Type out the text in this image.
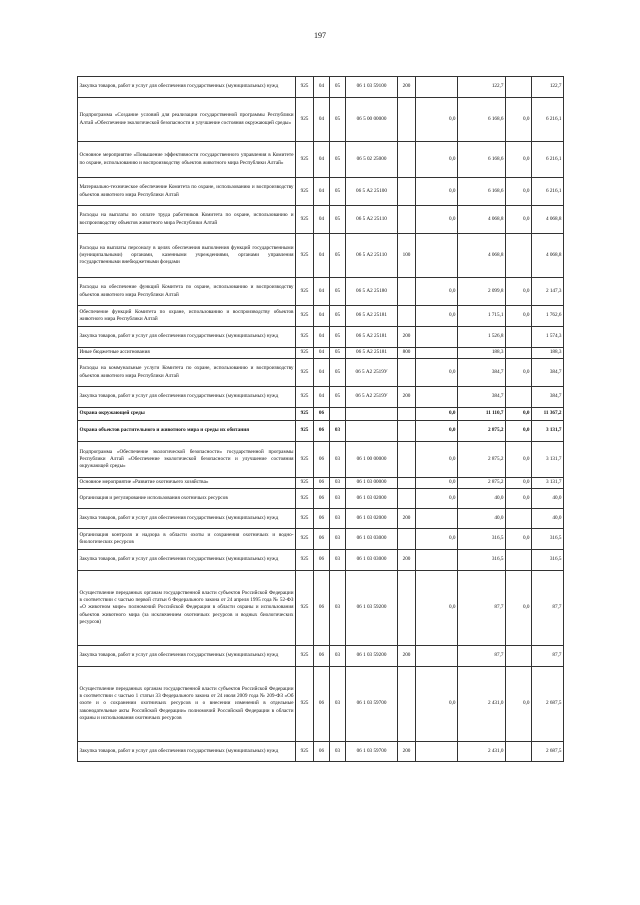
197
Закупка товаров, работ и услуг для обеспечения государственных (муниципальных) нужд	925	04	05	06 1 03 59100	200		122,7		122,7
Подпрограмма «Создание условий для реализации государственной программы Республики Алтай «Обеспечение экологической безопасности и улучшение состояния окружающей среды»	925	04	05	06 5 00 00000		0,0	6 168,6	0,0	6 216,1
Основное мероприятие «Повышение эффективности государственного управления в Комитете по охране, использованию и воспроизводству объектов животного мира Республики Алтай»	925	04	05	06 5 02 25000		0,0	6 168,6	0,0	6 216,1
Материально-техническое обеспечение Комитета по охране, использованию и воспроизводству объектов животного мира Республики Алтай	925	04	05	06 5 А2 25100		0,0	6 168,6	0,0	6 216,1
Расходы на выплаты по оплате труда работников Комитета по охране, использованию и воспроизводству объектов животного мира Республики Алтай	925	04	05	06 5 А2 25110		0,0	4 068,8	0,0	4 068,8
Расходы на выплаты персоналу в целях обеспечения выполнения функций государственными (муниципальными) органами, казенными учреждениями, органами управления государственными внебюджетными фондами	925	04	05	06 5 А2 25110	100		4 068,8		4 068,8
Расходы на обеспечение функций Комитета по охране, использованию и воспроизводству объектов животного мира Республики Алтай	925	04	05	06 5 А2 25180		0,0	2 099,8	0,0	2 147,3
Обеспечение функций Комитета по охране, использованию и воспроизводству объектов животного мира Республики Алтай	925	04	05	06 5 А2 25181		0,0	1 715,1	0,0	1 762,6
Закупка товаров, работ и услуг для обеспечения государственных (муниципальных) нужд	925	04	05	06 5 А2 25181	200		1 526,8		1 574,3
Иные бюджетные ассигнования	925	04	05	06 5 А2 25181	800		188,3		188,3
Расходы на коммунальные услуги Комитета по охране, использованию и воспроизводству объектов животного мира Республики Алтай	925	04	05	06 5 А2 2519У		0,0	384,7	0,0	384,7
Закупка товаров, работ и услуг для обеспечения государственных (муниципальных) нужд	925	04	05	06 5 А2 2519У	200		384,7		384,7
Охрана окружающей среды	925	06				0,0	11 110,7	0,0	11 367,2
Охрана объектов растительного и животного мира и среды их обитания	925	06	03			0,0	2 875,2	0,0	3 131,7
Подпрограмма «Обеспечение экологической безопасности» государственной программы Республики Алтай «Обеспечение экологической безопасности и улучшение состояния окружающей среды»	925	06	03	06 1 00 00000		0,0	2 875,2	0,0	3 131,7
Основное мероприятие «Развитие охотничьего хозяйства»	925	06	03	06 1 03 00000		0,0	2 875,2	0,0	3 131,7
Организация и регулирование использования охотничьих ресурсов	925	06	03	06 1 03 02000		0,0	40,0	0,0	40,0
Закупка товаров, работ и услуг для обеспечения государственных (муниципальных) нужд	925	06	03	06 1 03 02000	200		40,0		40,0
Организация контроля и надзора в области охоты и сохранения охотничьих и водно-биологических ресурсов	925	06	03	06 1 03 03000		0,0	316,5	0,0	316,5
Закупка товаров, работ и услуг для обеспечения государственных (муниципальных) нужд	925	06	03	06 1 03 03000	200		316,5		316,5
Осуществление переданных органам государственной власти субъектов Российской Федерации в соответствии с частью первой статьи 6 Федерального закона от 24 апреля 1995 года № 52-ФЗ «О животном мире» полномочий Российской Федерации в области охраны и использования объектов животного мира (за исключением охотничьих ресурсов и водных биологических ресурсов)	925	06	03	06 1 03 59200		0,0	87,7	0,0	87,7
Закупка товаров, работ и услуг для обеспечения государственных (муниципальных) нужд	925	06	03	06 1 03 59200	200		87,7		87,7
Осуществление переданных органам государственной власти субъектов Российской Федерации в соответствии с частью 1 статьи 33 Федерального закона от 24 июля 2009 года № 209-ФЗ «Об охоте и о сохранении охотничьих ресурсов и о внесении изменений в отдельные законодательные акты Российской Федерации» полномочий Российской Федерации в области охраны и использования охотничьих ресурсов	925	06	03	06 1 03 59700		0,0	2 431,0	0,0	2 687,5
Закупка товаров, работ и услуг для обеспечения государственных (муниципальных) нужд	925	06	03	06 1 03 59700	200		2 431,0		2 687,5
